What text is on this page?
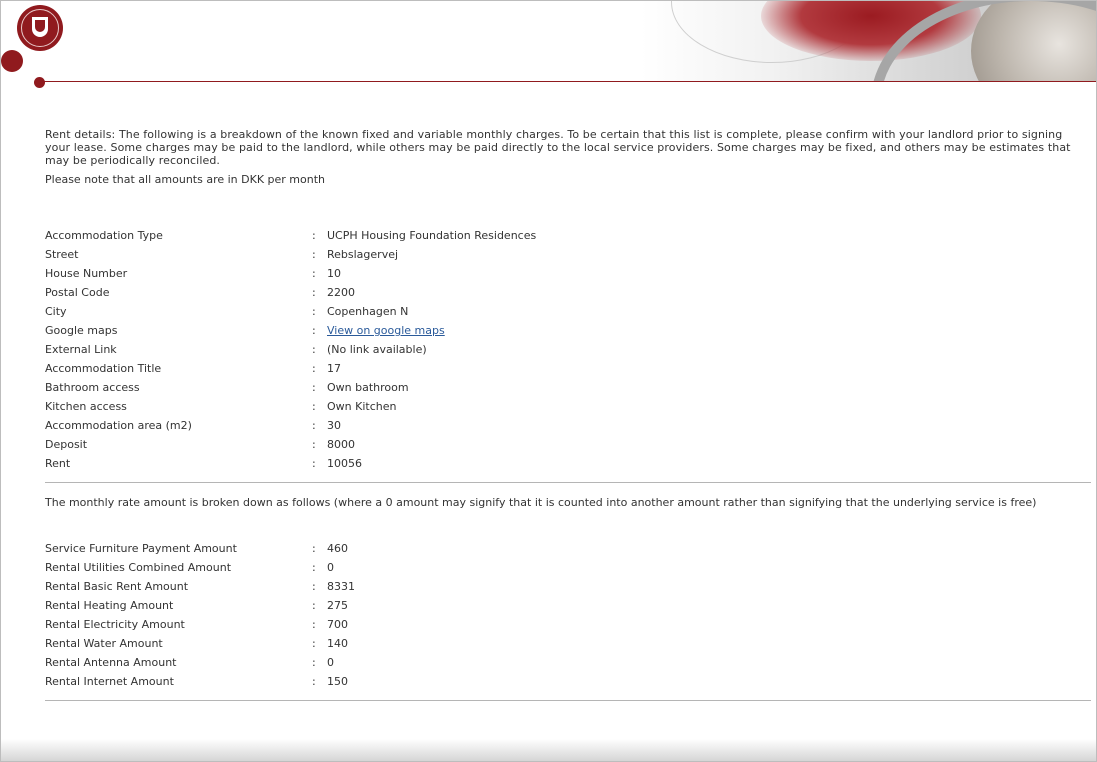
Rent details: The following is a breakdown of the known fixed and variable monthly charges. To be certain that this list is complete, please confirm with your landlord prior to signing your lease. Some charges may be paid to the landlord, while others may be paid directly to the local service providers. Some charges may be fixed, and others may be estimates that may be periodically reconciled.
Please note that all amounts are in DKK per month
Accommodation Type	: UCPH Housing Foundation Residences
Street	: Rebslagervej
House Number	: 10
Postal Code	: 2200
City	: Copenhagen N
Google maps	: View on google maps
External Link	: (No link available)
Accommodation Title	: 17
Bathroom access	: Own bathroom
Kitchen access	: Own Kitchen
Accommodation area (m2)	: 30
Deposit	: 8000
Rent	: 10056
The monthly rate amount is broken down as follows (where a 0 amount may signify that it is counted into another amount rather than signifying that the underlying service is free)
Service Furniture Payment Amount	: 460
Rental Utilities Combined Amount	: 0
Rental Basic Rent Amount	: 8331
Rental Heating Amount	: 275
Rental Electricity Amount	: 700
Rental Water Amount	: 140
Rental Antenna Amount	: 0
Rental Internet Amount	: 150
